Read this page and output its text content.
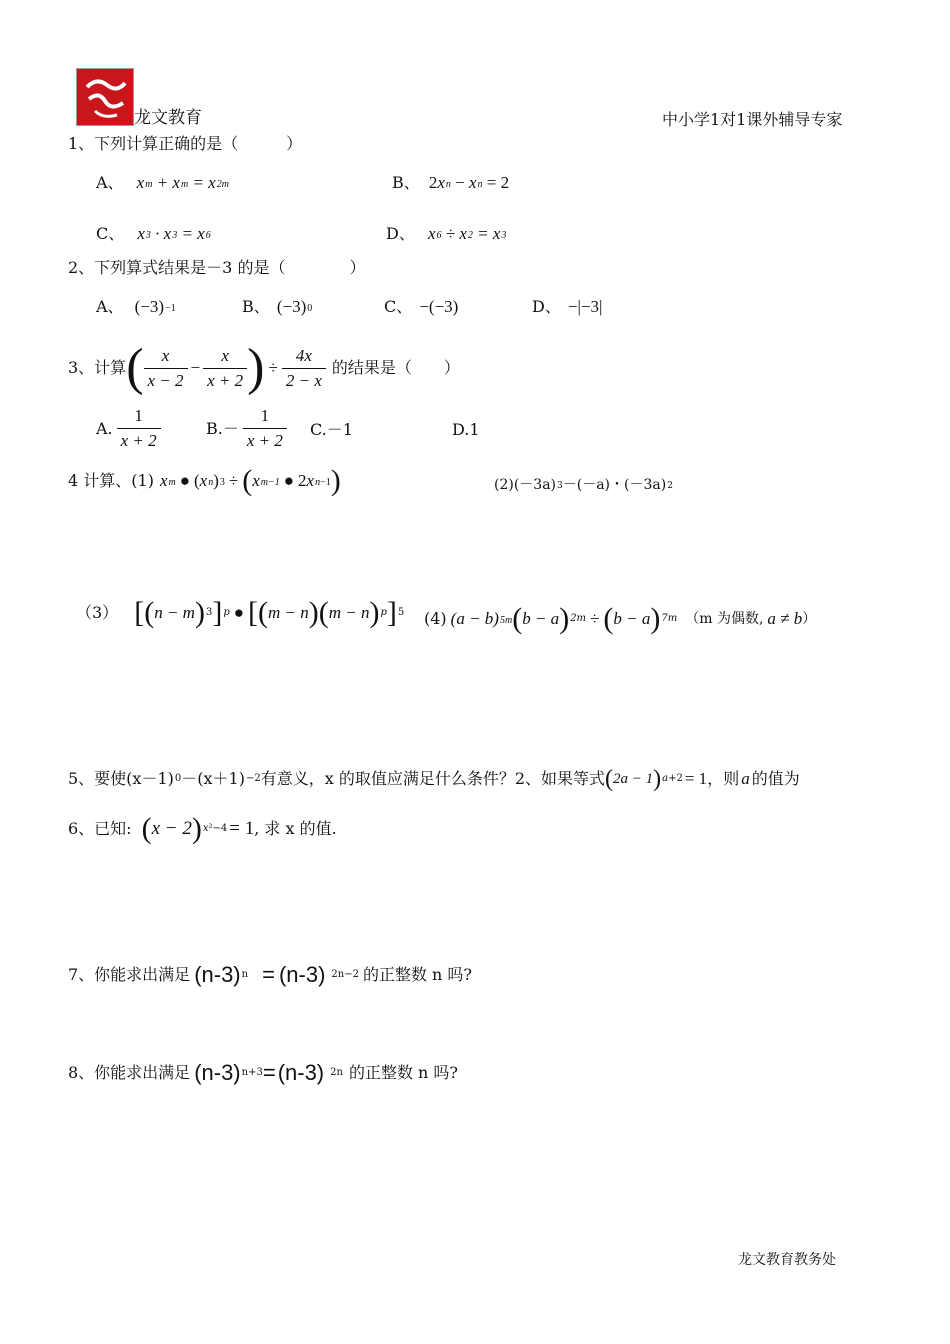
龙文教育	中小学1对1课外辅导专家
1、下列计算正确的是（　　　）
A、 xm + xm = x2m	B、 2xn − xn = 2
C、 x3 · x3 = x6	D、 x6 ÷ x2 = x3
2、下列算式结果是－3 的是（　　　　）
A、 (−3)−1	B、 (−3)0	C、 −(−3)	D、 −|−3|
3、计算 ( $\frac{x}{x - 2} - \frac{x}{x + 2}$ ) ÷ $\frac{4x}{2 - x}$ 的结果是（　　）
A. $\frac{1}{x + 2}$	$B.- \frac{1}{x + 2} C.-1$	D.1
4 计算、(1) xm ● (xn)3 ÷ ( xm−1 ● 2xn−1 )	(2)(－3a)3－(－a)・(－3a)2
（3） [ ( n − m ) 3 ] p ● [ ( m − n ) ( m − n ) p ] 5 (4) (a − b)5m ( b − a ) 2m ÷ ( b − a ) 7m （m 为偶数, a ≠ b ）
5、要使(x－1) 0 －(x＋1) −2 有意义，x 的取值应满足什么条件？2、如果等式 ( 2a − 1 ) a+2 = 1 ，则 a 的值为
6、已知: ( x − 2 ) x²−4 = 1 , 求 x 的值.
7、你能求出满足 (n-3) n = (n-3) 2n−2 的正整数 n 吗?
8、你能求出满足 (n-3) n+3 = (n-3) 2n 的正整数 n 吗?
龙文教育教务处
